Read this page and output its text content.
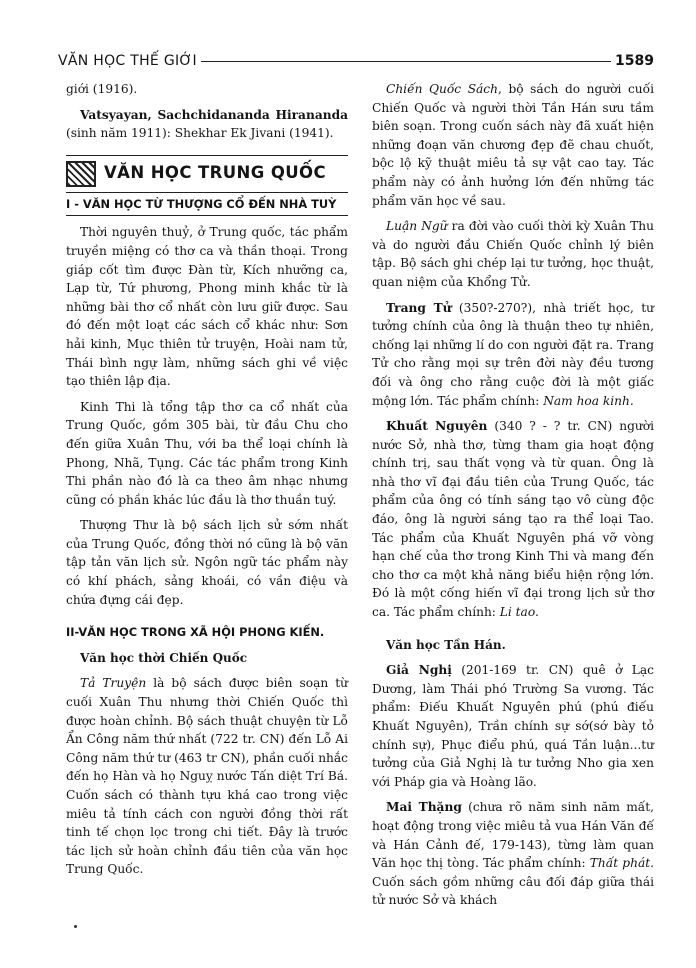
VĂN HỌC THẾ GIỚI	1589

giới (1916).

Vatsyayan, Sachchidananda Hirananda (sinh năm 1911): Shekhar Ek Jivani (1941).

VĂN HỌC TRUNG QUỐC
I - VĂN HỌC TỪ THƯỢNG CỔ ĐẾN NHÀ TUỲ

Thời nguyên thuỷ, ở Trung quốc, tác phẩm truyền miệng có thơ ca và thần thoại. Trong giáp cốt tìm được Đàn từ, Kích nhưỡng ca, Lạp từ, Tứ phương, Phong minh khắc từ là những bài thơ cổ nhất còn lưu giữ được. Sau đó đến một loạt các sách cổ khác như: Sơn hải kinh, Mục thiên tử truyện, Hoài nam tử, Thái bình ngự làm, những sách ghi về việc tạo thiên lập địa.

Kinh Thi là tổng tập thơ ca cổ nhất của Trung Quốc, gồm 305 bài, từ đầu Chu cho đến giữa Xuân Thu, với ba thể loại chính là Phong, Nhã, Tụng. Các tác phẩm trong Kinh Thi phần nào đó là ca theo âm nhạc nhưng cũng có phần khác lúc đầu là thơ thuần tuý.

Thượng Thư là bộ sách lịch sử sớm nhất của Trung Quốc, đồng thời nó cũng là bộ văn tập tản văn lịch sử. Ngôn ngữ tác phẩm này có khí phách, sảng khoái, có vần điệu và chứa đựng cái đẹp.

II-VĂN HỌC TRONG XÃ HỘI PHONG KIẾN.
Văn học thời Chiến Quốc

Tả Truyện là bộ sách được biên soạn từ cuối Xuân Thu nhưng thời Chiến Quốc thì được hoàn chỉnh. Bộ sách thuật chuyện từ Lỗ Ẩn Công năm thứ nhất (722 tr. CN) đến Lỗ Ai Công năm thứ tư (463 tr CN), phần cuối nhắc đến họ Hàn và họ Nguỵ nước Tấn diệt Trí Bá. Cuốn sách có thành tựu khá cao trong việc miêu tả tính cách con người đồng thời rất tinh tế chọn lọc trong chi tiết. Đây là trước tác lịch sử hoàn chỉnh đầu tiên của văn học Trung Quốc.

Chiến Quốc Sách, bộ sách do người cuối Chiến Quốc và người thời Tần Hán sưu tầm biên soạn. Trong cuốn sách này đã xuất hiện những đoạn văn chương đẹp đẽ chau chuốt, bộc lộ kỹ thuật miêu tả sự vật cao tay. Tác phẩm này có ảnh hưởng lớn đến những tác phẩm văn học về sau.

Luận Ngữ ra đời vào cuối thời kỳ Xuân Thu và do người đầu Chiến Quốc chỉnh lý biên tập. Bộ sách ghi chép lại tư tưởng, học thuật, quan niệm của Khổng Tử.

Trang Tử (350?-270?), nhà triết học, tư tưởng chính của ông là thuận theo tự nhiên, chống lại những lí do con người đặt ra. Trang Tử cho rằng mọi sự trên đời này đều tương đối và ông cho rằng cuộc đời là một giấc mộng lớn. Tác phẩm chính: Nam hoa kinh.

Khuất Nguyên (340 ? - ? tr. CN) người nước Sở, nhà thơ, từng tham gia hoạt động chính trị, sau thất vọng và từ quan. Ông là nhà thơ vĩ đại đầu tiên của Trung Quốc, tác phẩm của ông có tính sáng tạo vô cùng độc đáo, ông là người sáng tạo ra thể loại Tao. Tác phẩm của Khuất Nguyên phá vỡ vòng hạn chế của thơ trong Kinh Thi và mang đến cho thơ ca một khả năng biểu hiện rộng lớn. Đó là một cống hiến vĩ đại trong lịch sử thơ ca. Tác phẩm chính: Li tao.

Văn học Tần Hán.

Giả Nghị (201-169 tr. CN) quê ở Lạc Dương, làm Thái phó Trường Sa vương. Tác phẩm: Điếu Khuất Nguyên phú (phú điếu Khuất Nguyên), Trần chính sự sớ(sớ bày tỏ chính sự), Phục điểu phú, quá Tần luận...tư tưởng của Giả Nghị là tư tưởng Nho gia xen với Pháp gia và Hoàng lão.

Mai Thặng (chưa rõ năm sinh năm mất, hoạt động trong việc miêu tả vua Hán Văn đế và Hán Cảnh đế, 179-143), từng làm quan Văn học thị tòng. Tác phẩm chính: Thất phát. Cuốn sách gồm những câu đối đáp giữa thái tử nước Sở và khách
